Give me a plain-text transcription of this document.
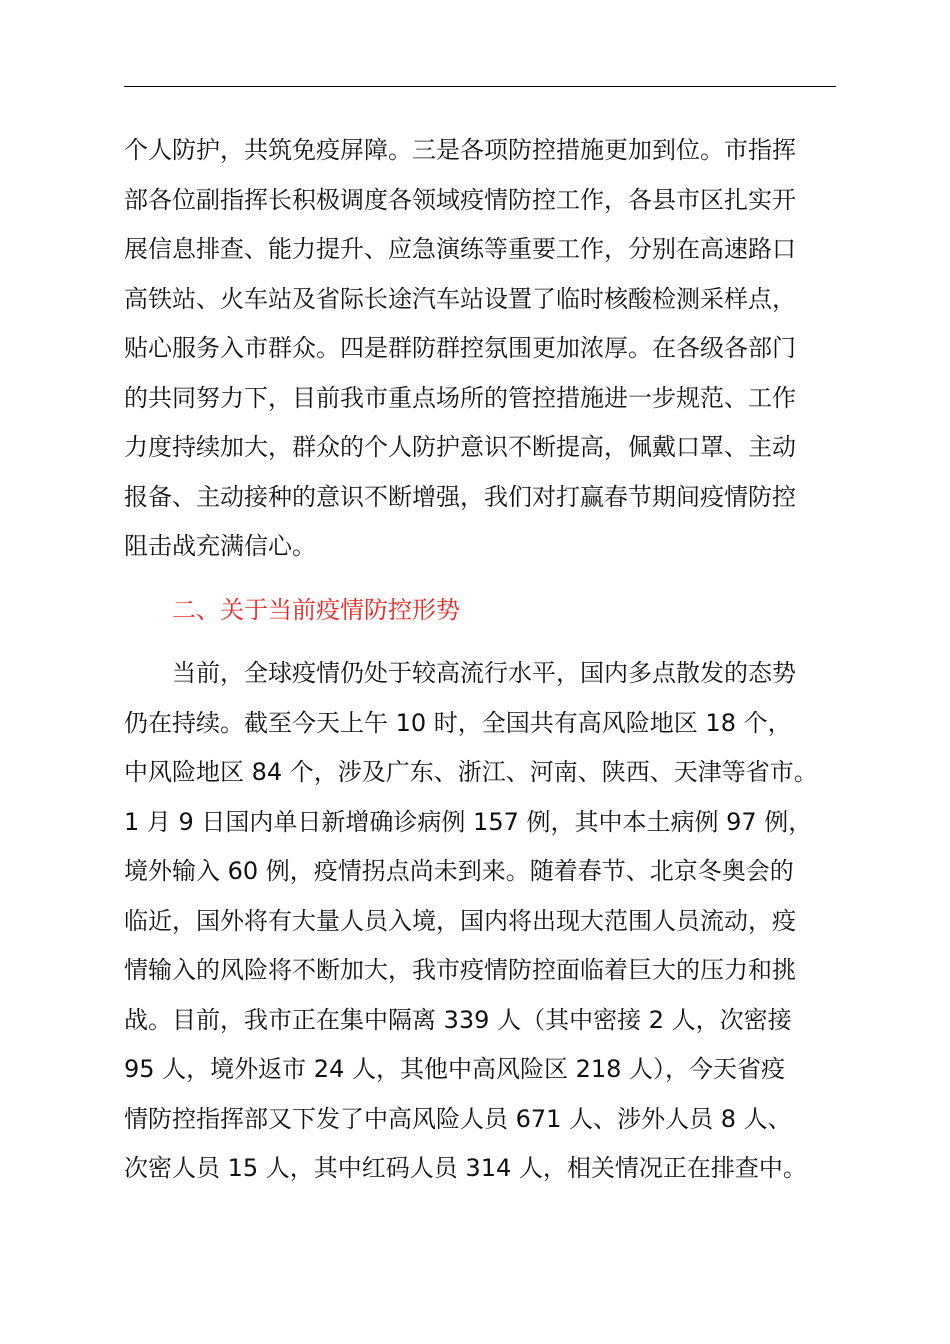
个人防护，共筑免疫屏障。三是各项防控措施更加到位。市指挥
部各位副指挥长积极调度各领域疫情防控工作，各县市区扎实开
展信息排查、能力提升、应急演练等重要工作，分别在高速路口
高铁站、火车站及省际长途汽车站设置了临时核酸检测采样点，
贴心服务入市群众。四是群防群控氛围更加浓厚。在各级各部门
的共同努力下，目前我市重点场所的管控措施进一步规范、工作
力度持续加大，群众的个人防护意识不断提高，佩戴口罩、主动
报备、主动接种的意识不断增强，我们对打赢春节期间疫情防控
阻击战充满信心。
二、关于当前疫情防控形势
当前，全球疫情仍处于较高流行水平，国内多点散发的态势
仍在持续。截至今天上午 10 时，全国共有高风险地区 18 个，
中风险地区 84 个，涉及广东、浙江、河南、陕西、天津等省市。
1 月 9 日国内单日新增确诊病例 157 例，其中本土病例 97 例，
境外输入 60 例，疫情拐点尚未到来。随着春节、北京冬奥会的
临近，国外将有大量人员入境，国内将出现大范围人员流动，疫
情输入的风险将不断加大，我市疫情防控面临着巨大的压力和挑
战。目前，我市正在集中隔离 339 人（其中密接 2 人，次密接
95 人，境外返市 24 人，其他中高风险区 218 人），今天省疫
情防控指挥部又下发了中高风险人员 671 人、涉外人员 8 人、
次密人员 15 人，其中红码人员 314 人，相关情况正在排查中。
